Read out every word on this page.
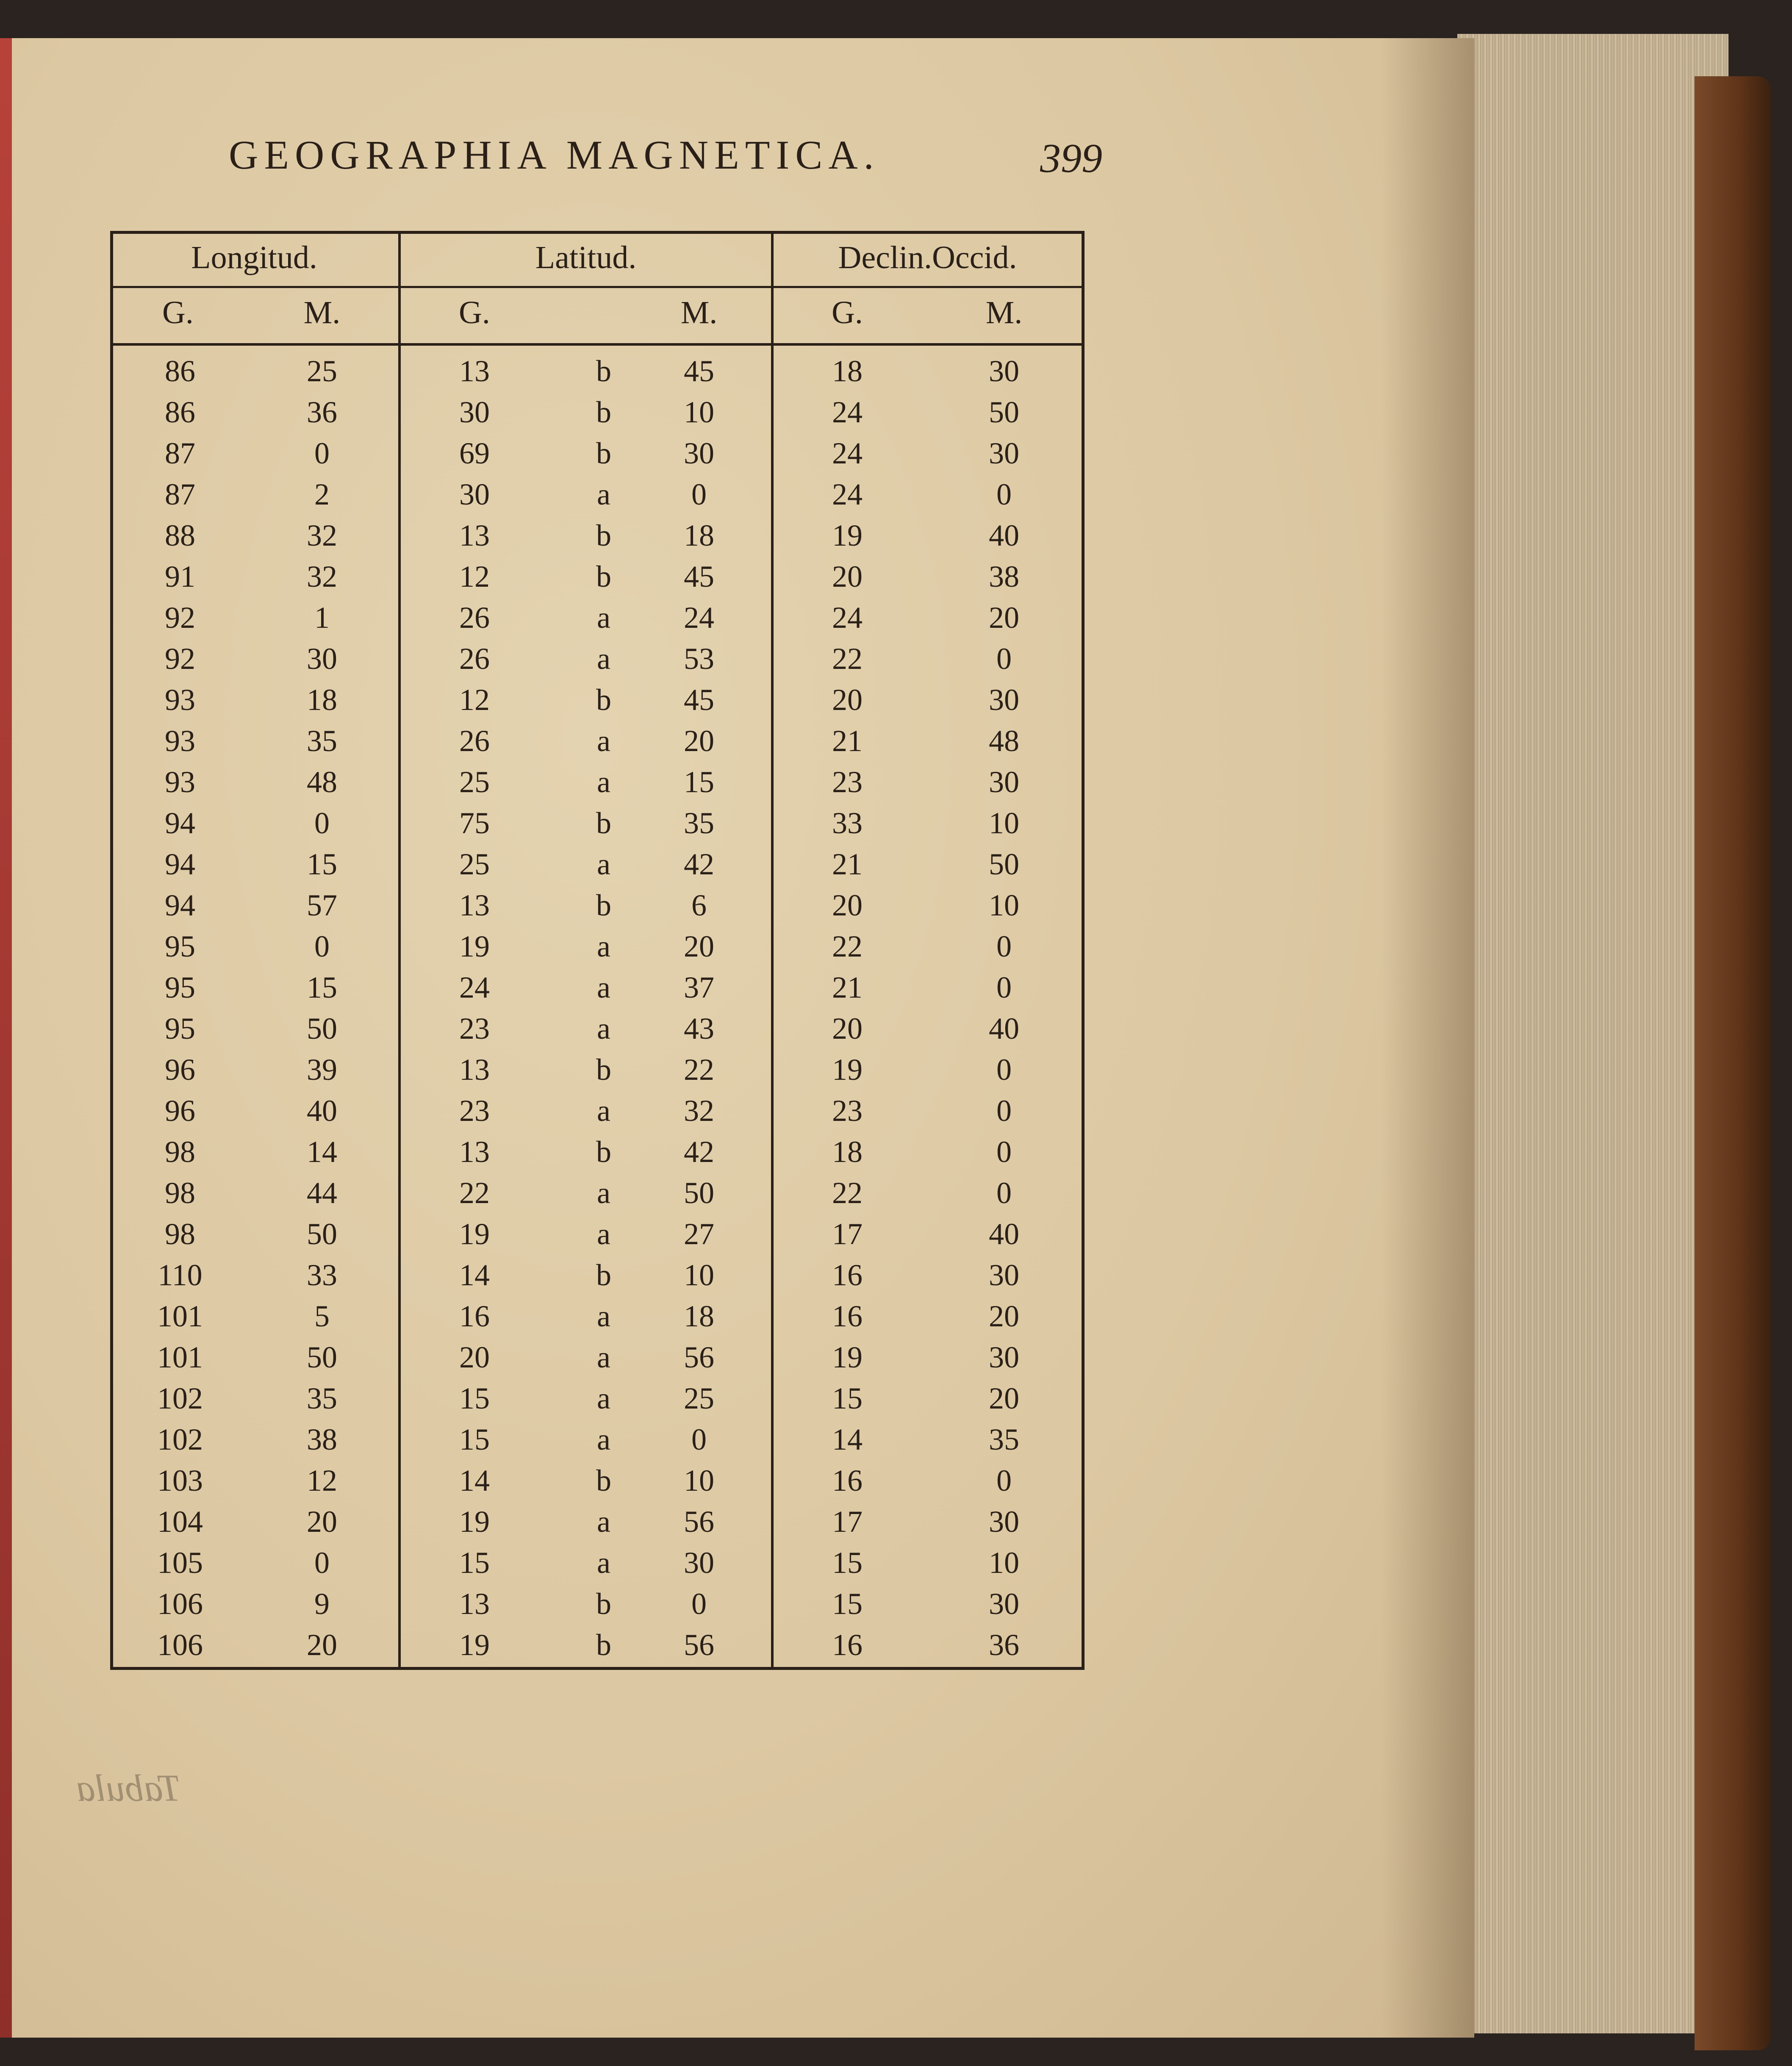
GEOGRAPHIA MAGNETICA.	399
Longitud.	Latitud.	Declin.Occid.
G.	M.	G.	M.	G.	M.
86	25	13	b	45	18	30
86	36	30	b	10	24	50
87	0	69	b	30	24	30
87	2	30	a	0	24	0
88	32	13	b	18	19	40
91	32	12	b	45	20	38
92	1	26	a	24	24	20
92	30	26	a	53	22	0
93	18	12	b	45	20	30
93	35	26	a	20	21	48
93	48	25	a	15	23	30
94	0	75	b	35	33	10
94	15	25	a	42	21	50
94	57	13	b	6	20	10
95	0	19	a	20	22	0
95	15	24	a	37	21	0
95	50	23	a	43	20	40
96	39	13	b	22	19	0
96	40	23	a	32	23	0
98	14	13	b	42	18	0
98	44	22	a	50	22	0
98	50	19	a	27	17	40
110	33	14	b	10	16	30
101	5	16	a	18	16	20
101	50	20	a	56	19	30
102	35	15	a	25	15	20
102	38	15	a	0	14	35
103	12	14	b	10	16	0
104	20	19	a	56	17	30
105	0	15	a	30	15	10
106	9	13	b	0	15	30
106	20	19	b	56	16	36
Tabula
